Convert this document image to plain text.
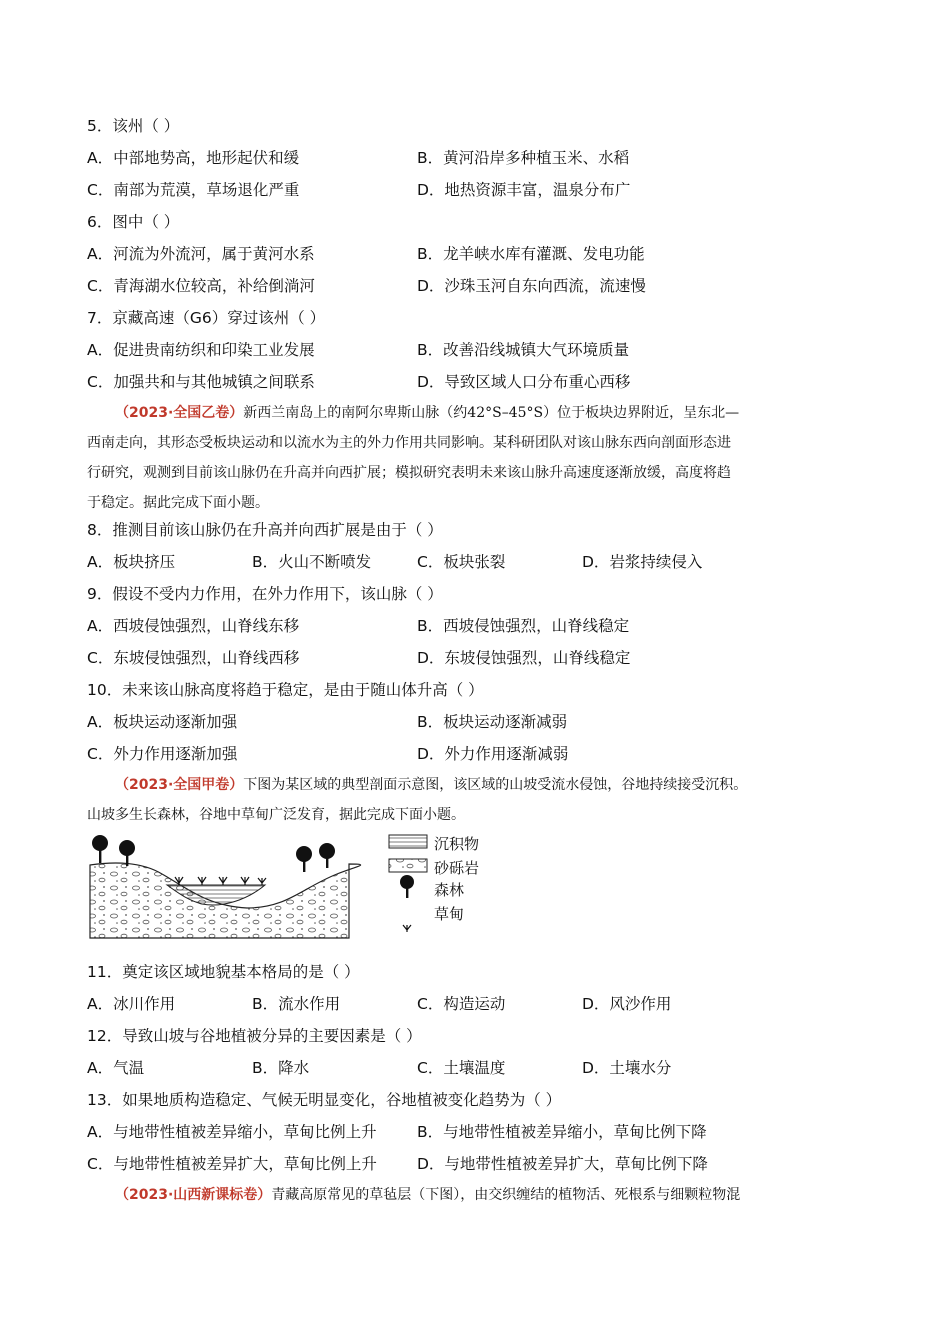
5．该州（ ）
A．中部地势高，地形起伏和缓	B．黄河沿岸多种植玉米、水稻
C．南部为荒漠，草场退化严重	D．地热资源丰富，温泉分布广
6．图中（ ）
A．河流为外流河，属于黄河水系	B．龙羊峡水库有灌溉、发电功能
C．青海湖水位较高，补给倒淌河	D．沙珠玉河自东向西流，流速慢
7．京藏高速（G6）穿过该州（ ）
A．促进贵南纺织和印染工业发展	B．改善沿线城镇大气环境质量
C．加强共和与其他城镇之间联系	D．导致区域人口分布重心西移
（2023·全国乙卷）新西兰南岛上的南阿尔卑斯山脉（约42°S–45°S）位于板块边界附近，呈东北—
西南走向，其形态受板块运动和以流水为主的外力作用共同影响。某科研团队对该山脉东西向剖面形态进
行研究，观测到目前该山脉仍在升高并向西扩展；模拟研究表明未来该山脉升高速度逐渐放缓，高度将趋
于稳定。据此完成下面小题。
8．推测目前该山脉仍在升高并向西扩展是由于（ ）
A．板块挤压	B．火山不断喷发	C．板块张裂	D．岩浆持续侵入
9．假设不受内力作用，在外力作用下，该山脉（ ）
A．西坡侵蚀强烈，山脊线东移	B．西坡侵蚀强烈，山脊线稳定
C．东坡侵蚀强烈，山脊线西移	D．东坡侵蚀强烈，山脊线稳定
10．未来该山脉高度将趋于稳定，是由于随山体升高（ ）
A．板块运动逐渐加强	B．板块运动逐渐减弱
C．外力作用逐渐加强	D．外力作用逐渐减弱
（2023·全国甲卷）下图为某区域的典型剖面示意图，该区域的山坡受流水侵蚀，谷地持续接受沉积。
山坡多生长森林，谷地中草甸广泛发育，据此完成下面小题。
沉积物
砂砾岩
森林
草甸
11．奠定该区域地貌基本格局的是（ ）
A．冰川作用	B．流水作用	C．构造运动	D．风沙作用
12．导致山坡与谷地植被分异的主要因素是（ ）
A．气温	B．降水	C．土壤温度	D．土壤水分
13．如果地质构造稳定、气候无明显变化，谷地植被变化趋势为（ ）
A．与地带性植被差异缩小，草甸比例上升	B．与地带性植被差异缩小，草甸比例下降
C．与地带性植被差异扩大，草甸比例上升	D．与地带性植被差异扩大，草甸比例下降
（2023·山西新课标卷）青藏高原常见的草毡层（下图），由交织缠结的植物活、死根系与细颗粒物混
